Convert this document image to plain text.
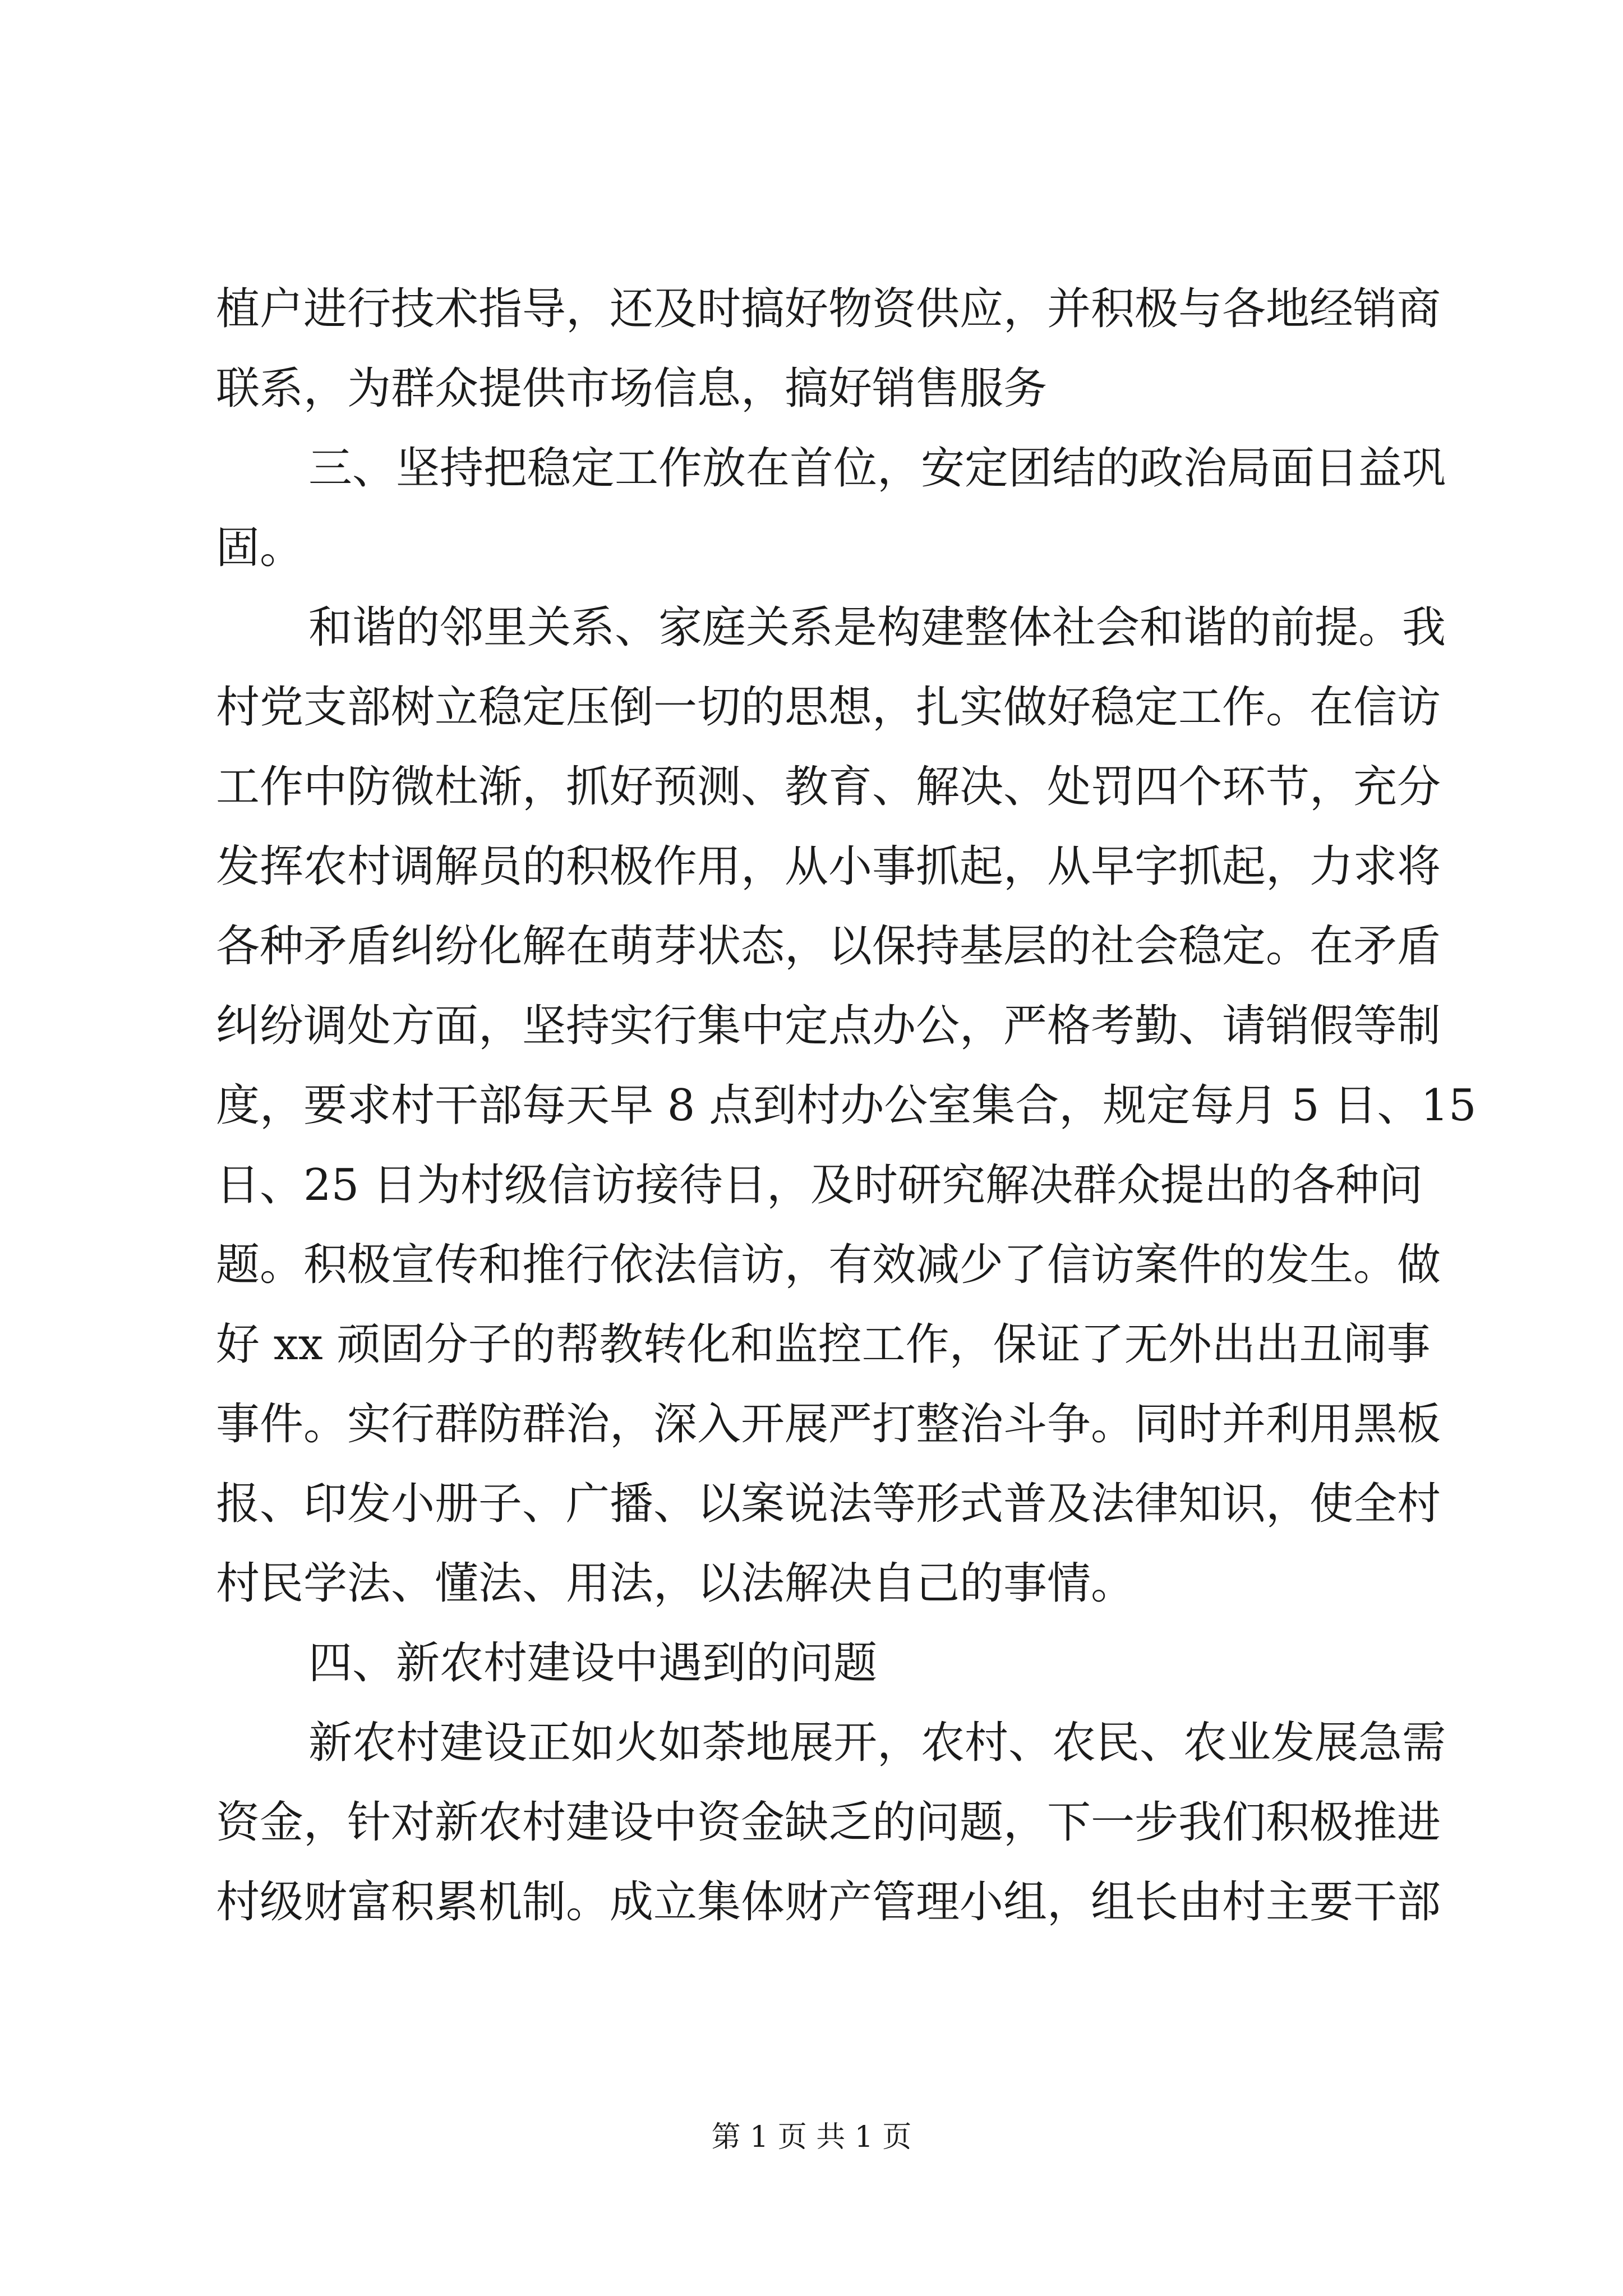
植户进行技术指导，还及时搞好物资供应，并积极与各地经销商
联系，为群众提供市场信息，搞好销售服务
三、坚持把稳定工作放在首位，安定团结的政治局面日益巩
固。
和谐的邻里关系、家庭关系是构建整体社会和谐的前提。我
村党支部树立稳定压倒一切的思想，扎实做好稳定工作。在信访
工作中防微杜渐，抓好预测、教育、解决、处罚四个环节，充分
发挥农村调解员的积极作用，从小事抓起，从早字抓起，力求将
各种矛盾纠纷化解在萌芽状态，以保持基层的社会稳定。在矛盾
纠纷调处方面，坚持实行集中定点办公，严格考勤、请销假等制
度，要求村干部每天早 8 点到村办公室集合，规定每月 5 日、15
日、25 日为村级信访接待日，及时研究解决群众提出的各种问
题。积极宣传和推行依法信访，有效减少了信访案件的发生。做
好 xx 顽固分子的帮教转化和监控工作，保证了无外出出丑闹事
事件。实行群防群治，深入开展严打整治斗争。同时并利用黑板
报、印发小册子、广播、以案说法等形式普及法律知识，使全村
村民学法、懂法、用法，以法解决自己的事情。
四、新农村建设中遇到的问题
新农村建设正如火如荼地展开，农村、农民、农业发展急需
资金，针对新农村建设中资金缺乏的问题，下一步我们积极推进
村级财富积累机制。成立集体财产管理小组，组长由村主要干部
第 1 页 共 1 页
